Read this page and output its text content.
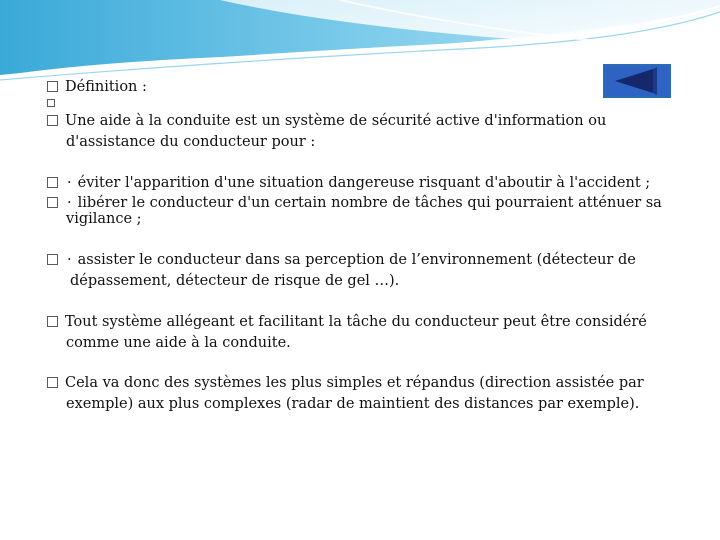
Définition :
Une aide à la conduite est un système de sécurité active d'information ou
d'assistance du conducteur pour :
· éviter l'apparition d'une situation dangereuse risquant d'aboutir à l'accident ;
· libérer le conducteur d'un certain nombre de tâches qui pourraient atténuer sa
vigilance ;
· assister le conducteur dans sa perception de l’environnement (détecteur de
dépassement, détecteur de risque de gel …).
Tout système allégeant et facilitant la tâche du conducteur peut être considéré
comme une aide à la conduite.
Cela va donc des systèmes les plus simples et répandus (direction assistée par
exemple) aux plus complexes (radar de maintient des distances par exemple).
